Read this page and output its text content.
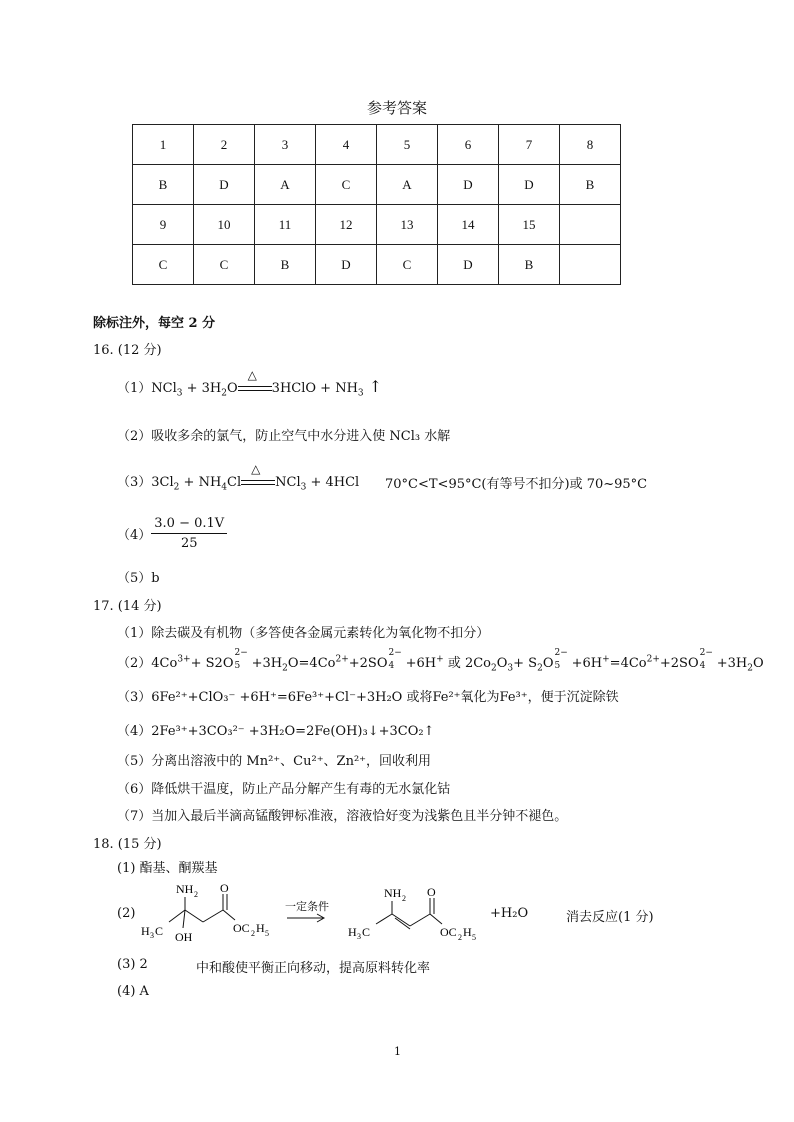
参考答案
1	2	3	4	5	6	7	8
B	D	A	C	A	D	D	B
9	10	11	12	13	14	15	
C	C	B	D	C	D	B	
除标注外，每空 2 分
16. (12 分)
$(1)NCl_3 + 3H_2O$
△
3HClO + $NH_3$ ↑
（2）吸收多余的氯气，防止空气中水分进入使 NCl₃ 水解
$(3)3Cl_2 + NH_4Cl$
△
NCl$_3$ + 4HCl 70°C<T<95°C(有等号不扣分)或 70~95°C
$(4) \frac{3.0 - 0.1V}{25}$
（5）b
17. (14 分)
（1）除去碳及有机物（多答使各金属元素转化为氧化物不扣分）
$(2)4Co^{3+}+ S2O$
2−
$5 +3H_2O=4Co^{2+}+2SO$
2−
4 +6H+ 或 $2Co_2O_3+ S_2O$
2−
$5 +6H^+=4Co^{2+}+2SO$
2−
$4 +3H_2O$
（3）6Fe²⁺+ClO₃⁻ +6H⁺=6Fe³⁺+Cl⁻+3H₂O 或将Fe²⁺氧化为Fe³⁺，便于沉淀除铁
（4）2Fe³⁺+3CO₃²⁻ +3H₂O=2Fe(OH)₃↓+3CO₂↑
（5）分离出溶液中的 Mn²⁺、Cu²⁺、Zn²⁺，回收利用
（6）降低烘干温度，防止产品分解产生有毒的无水氯化钴
（7）当加入最后半滴高锰酸钾标准液，溶液恰好变为浅紫色且半分钟不褪色。
18. (15 分)
(1) 酯基、酮羰基
(2)
NH 2
H 3 C OH
O
OC 2 H 5
一定条件
NH 2
H 3 C
O
OC 2 H 5
+H₂O	消去反应(1 分)
(3) 2	中和酸使平衡正向移动，提高原料转化率
(4) A
1
